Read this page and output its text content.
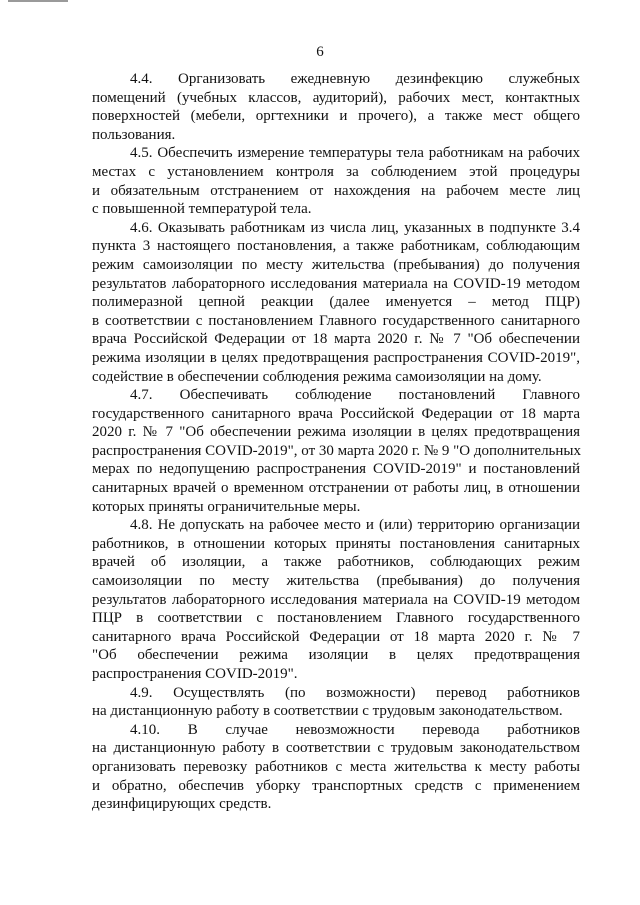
6

4.4. Организовать ежедневную дезинфекцию служебных
помещений (учебных классов, аудиторий), рабочих мест, контактных
поверхностей (мебели, оргтехники и прочего), а также мест общего
пользования.

4.5. Обеспечить измерение температуры тела работникам на рабочих
местах с установлением контроля за соблюдением этой процедуры
и обязательным отстранением от нахождения на рабочем месте лиц
с повышенной температурой тела.

4.6. Оказывать работникам из числа лиц, указанных в подпункте 3.4
пункта 3 настоящего постановления, а также работникам, соблюдающим
режим самоизоляции по месту жительства (пребывания) до получения
результатов лабораторного исследования материала на COVID-19 методом
полимеразной цепной реакции (далее именуется – метод ПЦР)
в соответствии с постановлением Главного государственного санитарного
врача Российской Федерации от 18 марта 2020 г. № 7 "Об обеспечении
режима изоляции в целях предотвращения распространения COVID-2019",
содействие в обеспечении соблюдения режима самоизоляции на дому.

4.7. Обеспечивать соблюдение постановлений Главного
государственного санитарного врача Российской Федерации от 18 марта
2020 г. № 7 "Об обеспечении режима изоляции в целях предотвращения
распространения COVID-2019", от 30 марта 2020 г. № 9 "О дополнительных
мерах по недопущению распространения COVID-2019" и постановлений
санитарных врачей о временном отстранении от работы лиц, в отношении
которых приняты ограничительные меры.

4.8. Не допускать на рабочее место и (или) территорию организации
работников, в отношении которых приняты постановления санитарных
врачей об изоляции, а также работников, соблюдающих режим
самоизоляции по месту жительства (пребывания) до получения
результатов лабораторного исследования материала на COVID-19 методом
ПЦР в соответствии с постановлением Главного государственного
санитарного врача Российской Федерации от 18 марта 2020 г. № 7
"Об обеспечении режима изоляции в целях предотвращения
распространения COVID-2019".

4.9. Осуществлять (по возможности) перевод работников
на дистанционную работу в соответствии с трудовым законодательством.

4.10. В случае невозможности перевода работников
на дистанционную работу в соответствии с трудовым законодательством
организовать перевозку работников с места жительства к месту работы
и обратно, обеспечив уборку транспортных средств с применением
дезинфицирующих средств.
